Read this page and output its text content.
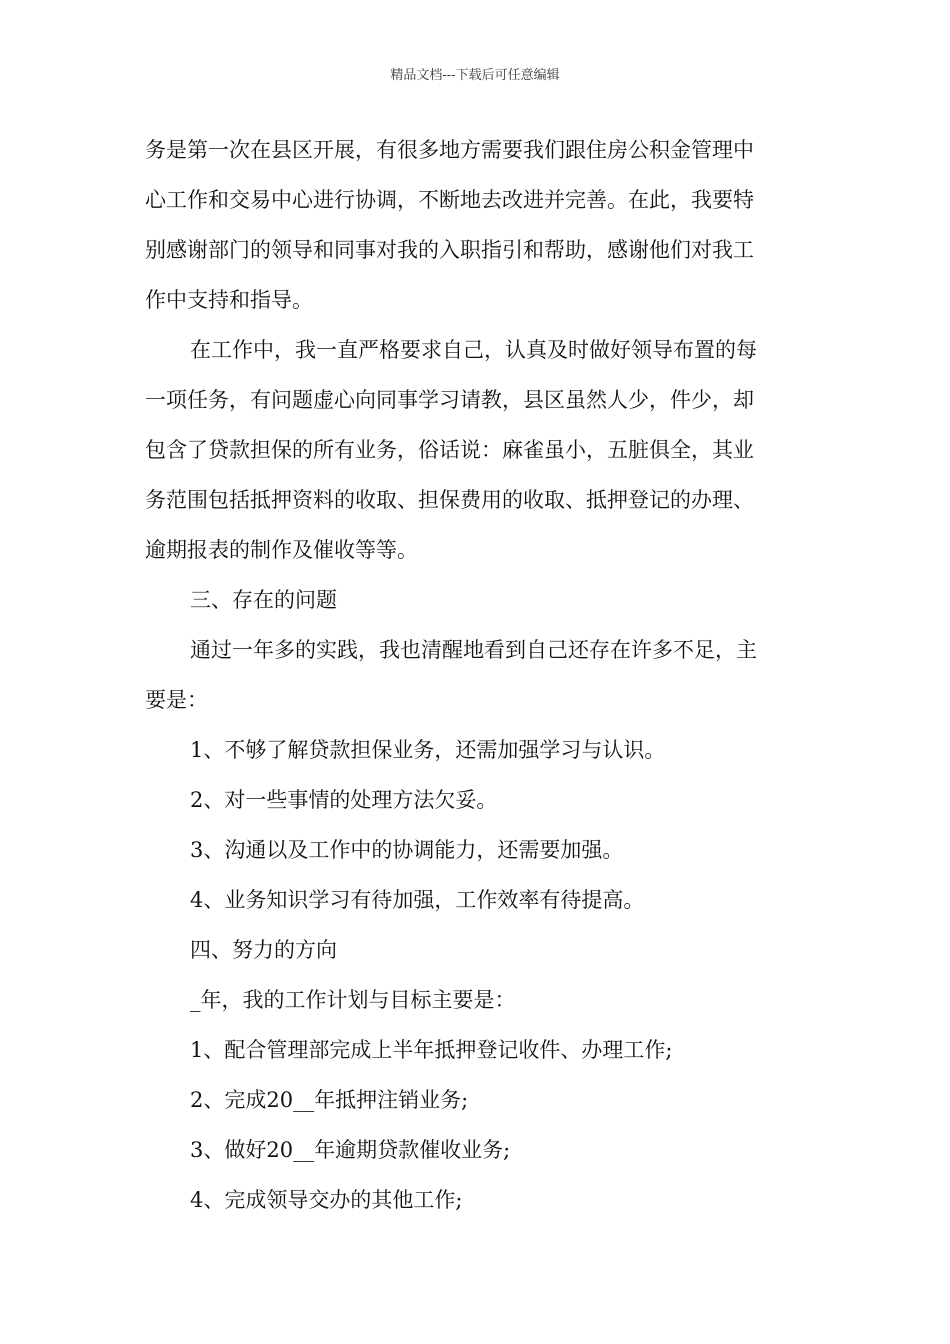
精品文档---下载后可任意编辑
务是第一次在县区开展，有很多地方需要我们跟住房公积金管理中
心工作和交易中心进行协调，不断地去改进并完善。在此，我要特
别感谢部门的领导和同事对我的入职指引和帮助，感谢他们对我工
作中支持和指导。
在工作中，我一直严格要求自己，认真及时做好领导布置的每
一项任务，有问题虚心向同事学习请教，县区虽然人少，件少，却
包含了贷款担保的所有业务，俗话说：麻雀虽小，五脏俱全，其业
务范围包括抵押资料的收取、担保费用的收取、抵押登记的办理、
逾期报表的制作及催收等等。
三、存在的问题
通过一年多的实践，我也清醒地看到自己还存在许多不足，主
要是：
1、不够了解贷款担保业务，还需加强学习与认识。
2、对一些事情的处理方法欠妥。
3、沟通以及工作中的协调能力，还需要加强。
4、业务知识学习有待加强，工作效率有待提高。
四、努力的方向
_年，我的工作计划与目标主要是：
1、配合管理部完成上半年抵押登记收件、办理工作;
2、完成20__年抵押注销业务;
3、做好20__年逾期贷款催收业务;
4、完成领导交办的其他工作;
